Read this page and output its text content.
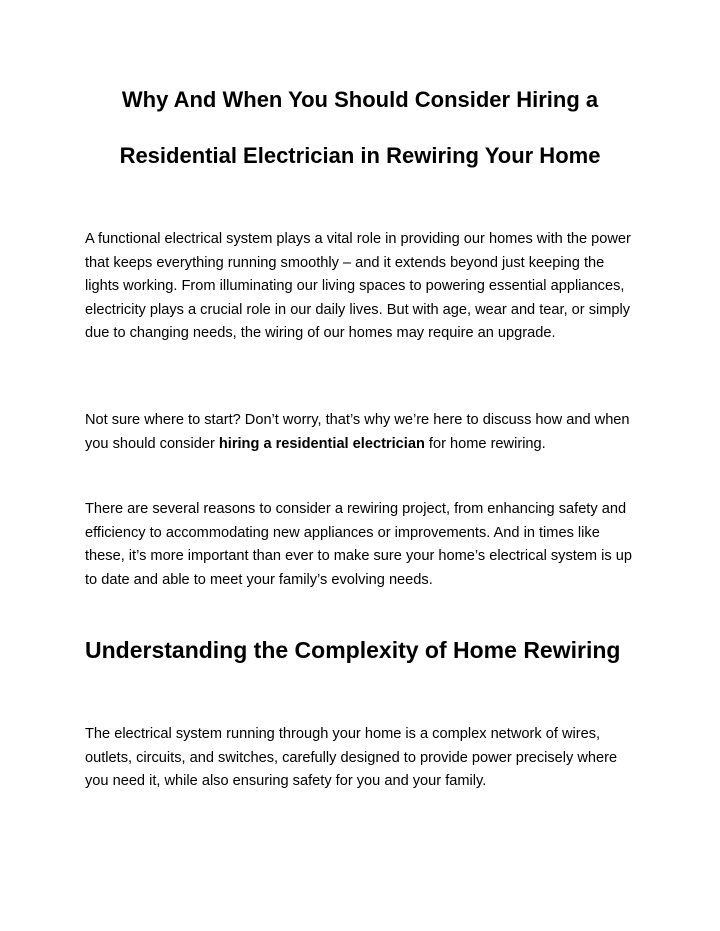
Why And When You Should Consider Hiring a
Residential Electrician in Rewiring Your Home

A functional electrical system plays a vital role in providing our homes with the power that keeps everything running smoothly – and it extends beyond just keeping the lights working. From illuminating our living spaces to powering essential appliances, electricity plays a crucial role in our daily lives. But with age, wear and tear, or simply due to changing needs, the wiring of our homes may require an upgrade.

Not sure where to start? Don’t worry, that’s why we’re here to discuss how and when you should consider hiring a residential electrician for home rewiring.

There are several reasons to consider a rewiring project, from enhancing safety and efficiency to accommodating new appliances or improvements. And in times like these, it’s more important than ever to make sure your home’s electrical system is up to date and able to meet your family’s evolving needs.

Understanding the Complexity of Home Rewiring

The electrical system running through your home is a complex network of wires, outlets, circuits, and switches, carefully designed to provide power precisely where you need it, while also ensuring safety for you and your family.
